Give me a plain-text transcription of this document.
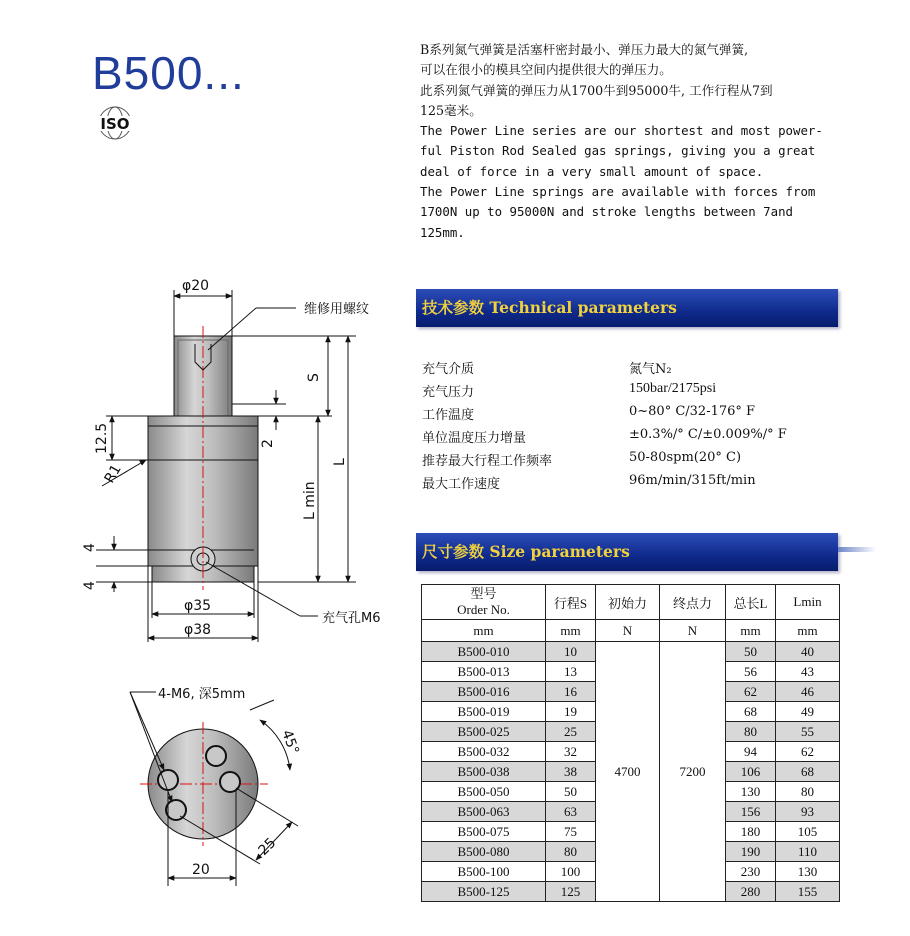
B500...
ISO
B系列氮气弹簧是活塞杆密封最小、弹压力最大的氮气弹簧,
可以在很小的模具空间内提供很大的弹压力。
此系列氮气弹簧的弹压力从1700牛到95000牛, 工作行程从7到
125毫米。
The Power Line series are our shortest and most power-
ful Piston Rod Sealed gas springs, giving you a great
deal of force in a very small amount of space.
The Power Line springs are available with forces from
1700N up to 95000N and stroke lengths between 7and
125mm.
技术参数 Technical parameters
充气介质	氮气N₂
充气压力	150bar/2175psi
工作温度	0~80° C/32-176° F
单位温度压力增量	±0.3%/° C/±0.009%/° F
推荐最大行程工作频率	50-80spm(20° C)
最大工作速度	96m/min/315ft/min
尺寸参数 Size parameters
型号
Order No.	行程S	初始力	终点力	总长L	Lmin
mm	mm	N	N	mm	mm
B500-010	10	4700	7200	50	40
B500-013	13			56	43
B500-016	16			62	46
B500-019	19			68	49
B500-025	25			80	55
B500-032	32			94	62
B500-038	38			106	68
B500-050	50			130	80
B500-063	63			156	93
B500-075	75			180	105
B500-080	80			190	110
B500-100	100			230	130
B500-125	125			280	155
φ20
维修用螺纹
S
L
L min
12.5	2
R1
4
4
φ35
φ38
充气孔M6
4-M6, 深5mm
45°
25
20
